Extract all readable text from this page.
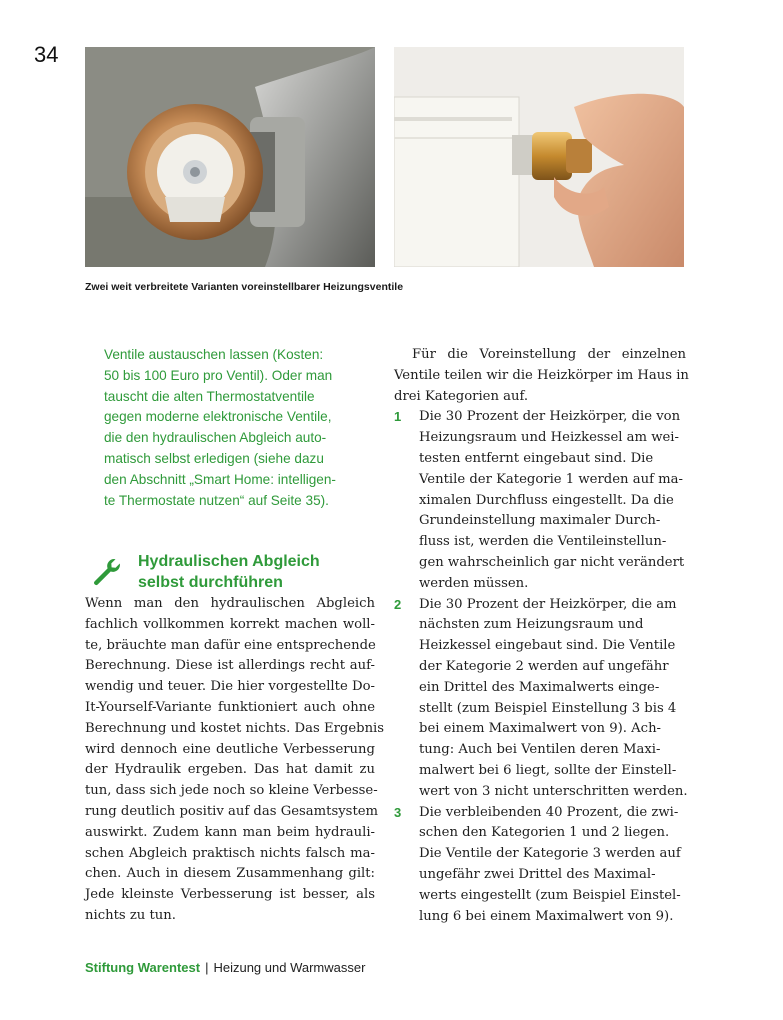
34
Zwei weit verbreitete Varianten voreinstellbarer Heizungsventile
Ventile austauschen lassen (Kosten:
50 bis 100 Euro pro Ventil). Oder man
tauscht die alten Thermostatventile
gegen moderne elektronische Ventile,
die den hydraulischen Abgleich auto-
matisch selbst erledigen (siehe dazu
den Abschnitt „Smart Home: intelligen-
te Thermostate nutzen“ auf Seite 35).
Hydraulischen Abgleich
selbst durchführen
Wenn man den hydraulischen Abgleich
fachlich vollkommen korrekt machen woll-
te, bräuchte man dafür eine entsprechende
Berechnung. Diese ist allerdings recht auf-
wendig und teuer. Die hier vorgestellte Do-
It-Yourself-Variante funktioniert auch ohne
Berechnung und kostet nichts. Das Ergebnis
wird dennoch eine deutliche Verbesserung
der Hydraulik ergeben. Das hat damit zu
tun, dass sich jede noch so kleine Verbesse-
rung deutlich positiv auf das Gesamtsystem
auswirkt. Zudem kann man beim hydrauli-
schen Abgleich praktisch nichts falsch ma-
chen. Auch in diesem Zusammenhang gilt:
Jede kleinste Verbesserung ist besser, als
nichts zu tun.
Für die Voreinstellung der einzelnen
Ventile teilen wir die Heizkörper im Haus in
drei Kategorien auf.
1 Die 30 Prozent der Heizkörper, die von
Heizungsraum und Heizkessel am wei-
testen entfernt eingebaut sind. Die
Ventile der Kategorie 1 werden auf ma-
ximalen Durchfluss eingestellt. Da die
Grundeinstellung maximaler Durch-
fluss ist, werden die Ventileinstellun-
gen wahrscheinlich gar nicht verändert
werden müssen.
2 Die 30 Prozent der Heizkörper, die am
nächsten zum Heizungsraum und
Heizkessel eingebaut sind. Die Ventile
der Kategorie 2 werden auf ungefähr
ein Drittel des Maximalwerts einge-
stellt (zum Beispiel Einstellung 3 bis 4
bei einem Maximalwert von 9). Ach-
tung: Auch bei Ventilen deren Maxi-
malwert bei 6 liegt, sollte der Einstell-
wert von 3 nicht unterschritten werden.
3 Die verbleibenden 40 Prozent, die zwi-
schen den Kategorien 1 und 2 liegen.
Die Ventile der Kategorie 3 werden auf
ungefähr zwei Drittel des Maximal-
werts eingestellt (zum Beispiel Einstel-
lung 6 bei einem Maximalwert von 9).
Stiftung Warentest | Heizung und Warmwasser
